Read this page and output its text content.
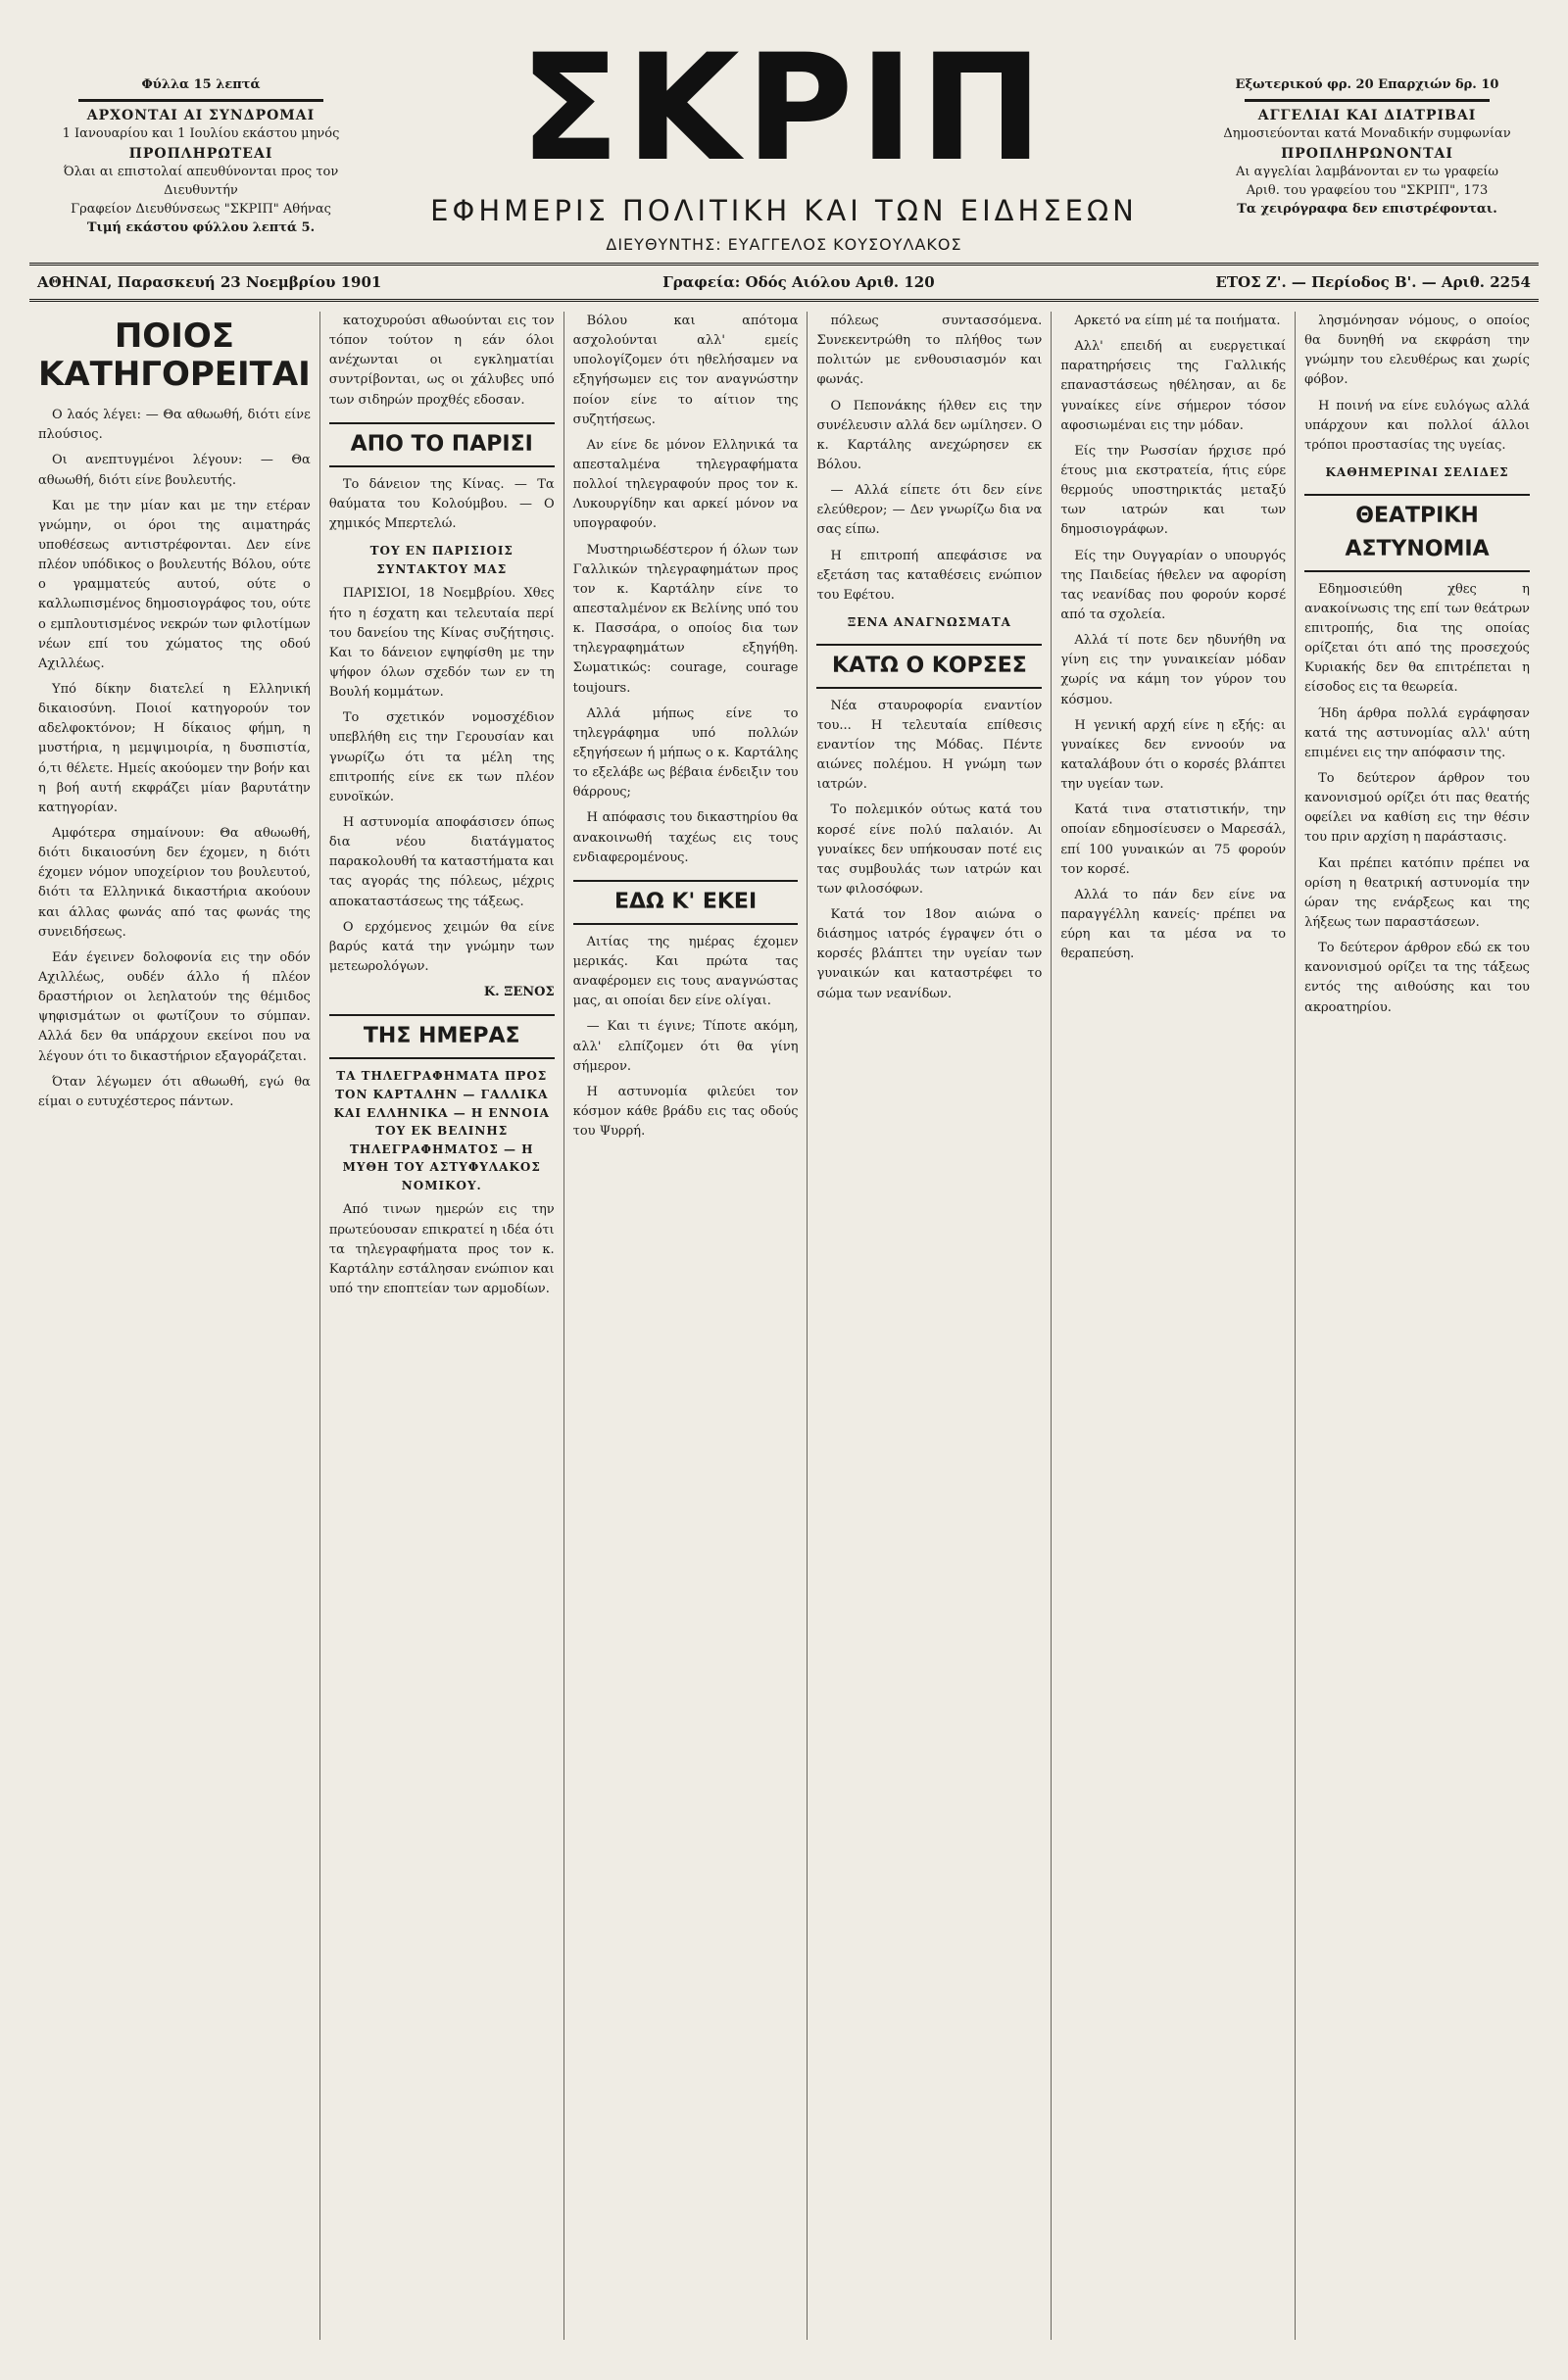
Φύλλα 15 λεπτά
ΑΡΧΟΝΤΑΙ ΑΙ ΣΥΝΔΡΟΜΑΙ
1 Ιανουαρίου και 1 Ιουλίου εκάστου μηνός
ΠΡΟΠΛΗΡΩΤΕΑΙ
Όλαι αι επιστολαί απευθύνονται προς τον Διευθυντήν
Γραφείον Διευθύνσεως "ΣΚΡΙΠ" Αθήνας
Τιμή εκάστου φύλλου λεπτά 5.
ΣΚΡΙΠ
ΕΦΗΜΕΡΙΣ ΠΟΛΙΤΙΚΗ ΚΑΙ ΤΩΝ ΕΙΔΗΣΕΩΝ
ΔΙΕΥΘΥΝΤΗΣ: ΕΥΑΓΓΕΛΟΣ ΚΟΥΣΟΥΛΑΚΟΣ
Εξωτερικού φρ. 20 Επαρχιών δρ. 10
ΑΓΓΕΛΙΑΙ ΚΑΙ ΔΙΑΤΡΙΒΑΙ
Δημοσιεύονται κατά Μοναδικήν συμφωνίαν
ΠΡΟΠΛΗΡΩΝΟΝΤΑΙ
Αι αγγελίαι λαμβάνονται εν τω γραφείω
Αριθ. του γραφείου του "ΣΚΡΙΠ", 173
Τα χειρόγραφα δεν επιστρέφονται.
ΑΘΗΝΑΙ, Παρασκευή 23 Νοεμβρίου 1901	Γραφεία: Οδός Αιόλου Αριθ. 120	ΕΤΟΣ Ζ'. — Περίοδος Β'. — Αριθ. 2254
ΠΟΙΟΣ ΚΑΤΗΓΟΡΕΙΤΑΙ

Ο λαός λέγει: — Θα αθωωθή, διότι είνε πλούσιος.

Οι ανεπτυγμένοι λέγουν: — Θα αθωωθή, διότι είνε βουλευτής.

Και με την μίαν και με την ετέραν γνώμην, οι όροι της αιματηράς υποθέσεως αντιστρέφονται. Δεν είνε πλέον υπόδικος ο βουλευτής Βόλου, ούτε ο γραμματεύς αυτού, ούτε ο καλλωπισμένος δημοσιογράφος του, ούτε ο εμπλουτισμένος νεκρών των φιλοτίμων νέων επί του χώματος της οδού Αχιλλέως.

Υπό δίκην διατελεί η Ελληνική δικαιοσύνη. Ποιοί κατηγορούν τον αδελφοκτόνον; Η δίκαιος φήμη, η μυστήρια, η μεμψιμοιρία, η δυσπιστία, ό,τι θέλετε. Ημείς ακούομεν την βοήν και η βοή αυτή εκφράζει μίαν βαρυτάτην κατηγορίαν.

Αμφότερα σημαίνουν: Θα αθωωθή, διότι δικαιοσύνη δεν έχομεν, η διότι έχομεν νόμον υποχείριον του βουλευτού, διότι τα Ελληνικά δικαστήρια ακούουν και άλλας φωνάς από τας φωνάς της συνειδήσεως.

Εάν έγεινεν δολοφονία εις την οδόν Αχιλλέως, ουδέν άλλο ή πλέον δραστήριον οι λεηλατούν της θέμιδος ψηφισμάτων οι φωτίζουν το σύμπαν. Αλλά δεν θα υπάρχουν εκείνοι που να λέγουν ότι το δικαστήριον εξαγοράζεται.

Όταν λέγωμεν ότι αθωωθή, εγώ θα είμαι ο ευτυχέστερος πάντων.

κατοχυρούσι αθωούνται εις τον τόπον τούτον η εάν όλοι ανέχωνται οι εγκληματίαι συντρίβονται, ως οι χάλυβες υπό των σιδηρών προχθές εδοσαν.

ΑΠΟ ΤΟ ΠΑΡΙΣΙ

Το δάνειον της Κίνας. — Τα θαύματα του Κολούμβου. — Ο χημικός Μπερτελώ.

ΤΟΥ ΕΝ ΠΑΡΙΣΙΟΙΣ ΣΥΝΤΑΚΤΟΥ ΜΑΣ

ΠΑΡΙΣΙΟΙ, 18 Νοεμβρίου. Χθες ήτο η έσχατη και τελευταία περί του δανείου της Κίνας συζήτησις. Και το δάνειον εψηφίσθη με την ψήφον όλων σχεδόν των εν τη Βουλή κομμάτων.

Το σχετικόν νομοσχέδιον υπεβλήθη εις την Γερουσίαν και γνωρίζω ότι τα μέλη της επιτροπής είνε εκ των πλέον ευνοϊκών.

Η αστυνομία αποφάσισεν όπως δια νέου διατάγματος παρακολουθή τα καταστήματα και τας αγοράς της πόλεως, μέχρις αποκαταστάσεως της τάξεως.

Ο ερχόμενος χειμών θα είνε βαρύς κατά την γνώμην των μετεωρολόγων.

Κ. ΞΕΝΟΣ
ΤΗΣ ΗΜΕΡΑΣ
ΤΑ ΤΗΛΕΓΡΑΦΗΜΑΤΑ ΠΡΟΣ ΤΟΝ ΚΑΡΤΑΛΗΝ — ΓΑΛΛΙΚΑ ΚΑΙ ΕΛΛΗΝΙΚΑ — Η ΕΝΝΟΙΑ ΤΟΥ ΕΚ ΒΕΛΙΝΗΣ ΤΗΛΕΓΡΑΦΗΜΑΤΟΣ — Η ΜΥΘΗ ΤΟΥ ΑΣΤΥΦΥΛΑΚΟΣ ΝΟΜΙΚΟΥ.

Από τινων ημερών εις την πρωτεύουσαν επικρατεί η ιδέα ότι τα τηλεγραφήματα προς τον κ. Καρτάλην εστάλησαν ενώπιον και υπό την εποπτείαν των αρμοδίων.

Βόλου και απότομα ασχολούνται αλλ' εμείς υπολογίζομεν ότι ηθελήσαμεν να εξηγήσωμεν εις τον αναγνώστην ποίον είνε το αίτιον της συζητήσεως.

Αν είνε δε μόνον Ελληνικά τα απεσταλμένα τηλεγραφήματα πολλοί τηλεγραφούν προς τον κ. Λυκουργίδην και αρκεί μόνον να υπογραφούν.

Μυστηριωδέστερον ή όλων των Γαλλικών τηλεγραφημάτων προς τον κ. Καρτάλην είνε το απεσταλμένον εκ Βελίνης υπό του κ. Πασσάρα, ο οποίος δια των τηλεγραφημάτων εξηγήθη. Σωματικώς: courage, courage toujours.

Αλλά μήπως είνε το τηλεγράφημα υπό πολλών εξηγήσεων ή μήπως ο κ. Καρτάλης το εξελάβε ως βέβαια ένδειξιν του θάρρους;

Η απόφασις του δικαστηρίου θα ανακοινωθή ταχέως εις τους ενδιαφερομένους.

ΕΔΩ Κ' ΕΚΕΙ

Αιτίας της ημέρας έχομεν μερικάς. Και πρώτα τας αναφέρομεν εις τους αναγνώστας μας, αι οποίαι δεν είνε ολίγαι.

— Και τι έγινε; Τίποτε ακόμη, αλλ' ελπίζομεν ότι θα γίνη σήμερον.

Η αστυνομία φιλεύει τον κόσμον κάθε βράδυ εις τας οδούς του Ψυρρή.

πόλεως συντασσόμενα. Συνεκεντρώθη το πλήθος των πολιτών με ενθουσιασμόν και φωνάς.

Ο Πεπονάκης ήλθεν εις την συνέλευσιν αλλά δεν ωμίλησεν. Ο κ. Καρτάλης ανεχώρησεν εκ Βόλου.

— Αλλά είπετε ότι δεν είνε ελεύθερον; — Δεν γνωρίζω δια να σας είπω.

Η επιτροπή απεφάσισε να εξετάση τας καταθέσεις ενώπιον του Εφέτου.

ΞΕΝΑ ΑΝΑΓΝΩΣΜΑΤΑ
ΚΑΤΩ Ο ΚΟΡΣΕΣ

Νέα σταυροφορία εναντίον του... Η τελευταία επίθεσις εναντίον της Μόδας. Πέντε αιώνες πολέμου. Η γνώμη των ιατρών.

Το πολεμικόν ούτως κατά του κορσέ είνε πολύ παλαιόν. Αι γυναίκες δεν υπήκουσαν ποτέ εις τας συμβουλάς των ιατρών και των φιλοσόφων.

Κατά τον 18ον αιώνα ο διάσημος ιατρός έγραψεν ότι ο κορσές βλάπτει την υγείαν των γυναικών και καταστρέφει το σώμα των νεανίδων.

Αρκετό να είπη μέ τα ποιήματα.

Αλλ' επειδή αι ευεργετικαί παρατηρήσεις της Γαλλικής επαναστάσεως ηθέλησαν, αι δε γυναίκες είνε σήμερον τόσον αφοσιωμέναι εις την μόδαν.

Είς την Ρωσσίαν ήρχισε πρό έτους μια εκστρατεία, ήτις εύρε θερμούς υποστηρικτάς μεταξύ των ιατρών και των δημοσιογράφων.

Είς την Ουγγαρίαν ο υπουργός της Παιδείας ήθελεν να αφορίση τας νεανίδας που φορούν κορσέ από τα σχολεία.

Αλλά τί ποτε δεν ηδυνήθη να γίνη εις την γυναικείαν μόδαν χωρίς να κάμη τον γύρον του κόσμου.

Η γενική αρχή είνε η εξής: αι γυναίκες δεν εννοούν να καταλάβουν ότι ο κορσές βλάπτει την υγείαν των.

Κατά τινα στατιστικήν, την οποίαν εδημοσίευσεν ο Μαρεσάλ, επί 100 γυναικών αι 75 φορούν τον κορσέ.

Αλλά το πάν δεν είνε να παραγγέλλη κανείς· πρέπει να εύρη και τα μέσα να το θεραπεύση.

λησμόνησαν νόμους, ο οποίος θα δυνηθή να εκφράση την γνώμην του ελευθέρως και χωρίς φόβον.

Η ποινή να είνε ευλόγως αλλά υπάρχουν και πολλοί άλλοι τρόποι προστασίας της υγείας.

ΚΑΘΗΜΕΡΙΝΑΙ ΣΕΛΙΔΕΣ
ΘΕΑΤΡΙΚΗ ΑΣΤΥΝΟΜΙΑ

Εδημοσιεύθη χθες η ανακοίνωσις της επί των θεάτρων επιτροπής, δια της οποίας ορίζεται ότι από της προσεχούς Κυριακής δεν θα επιτρέπεται η είσοδος εις τα θεωρεία.

Ήδη άρθρα πολλά εγράφησαν κατά της αστυνομίας αλλ' αύτη επιμένει εις την απόφασιν της.

Το δεύτερον άρθρον του κανονισμού ορίζει ότι πας θεατής οφείλει να καθίση εις την θέσιν του πριν αρχίση η παράστασις.

Και πρέπει κατόπιν πρέπει να ορίση η θεατρική αστυνομία την ώραν της ενάρξεως και της λήξεως των παραστάσεων.

Το δεύτερον άρθρον εδώ εκ του κανονισμού ορίζει τα της τάξεως εντός της αιθούσης και του ακροατηρίου.
